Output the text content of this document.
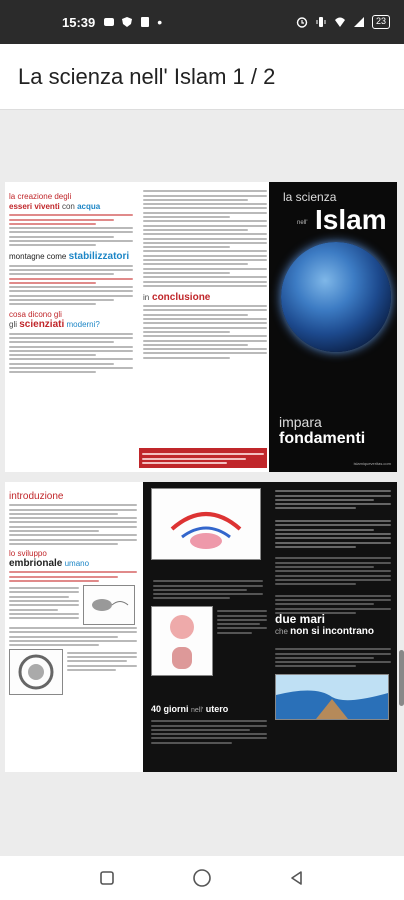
15:39	•	23
La scienza nell' Islam 1 / 2
la creazione degli
esseri viventi con acqua
montagne come stabilizzatori
cosa dicono gli
gli scienziati moderni?
in conclusione
la scienza
nell' Islam
impara
fondamenti
islamiqueveritas.com
introduzione
lo sviluppo
embrionale umano
40 giorni nell' utero
due mari
che non si incontrano
